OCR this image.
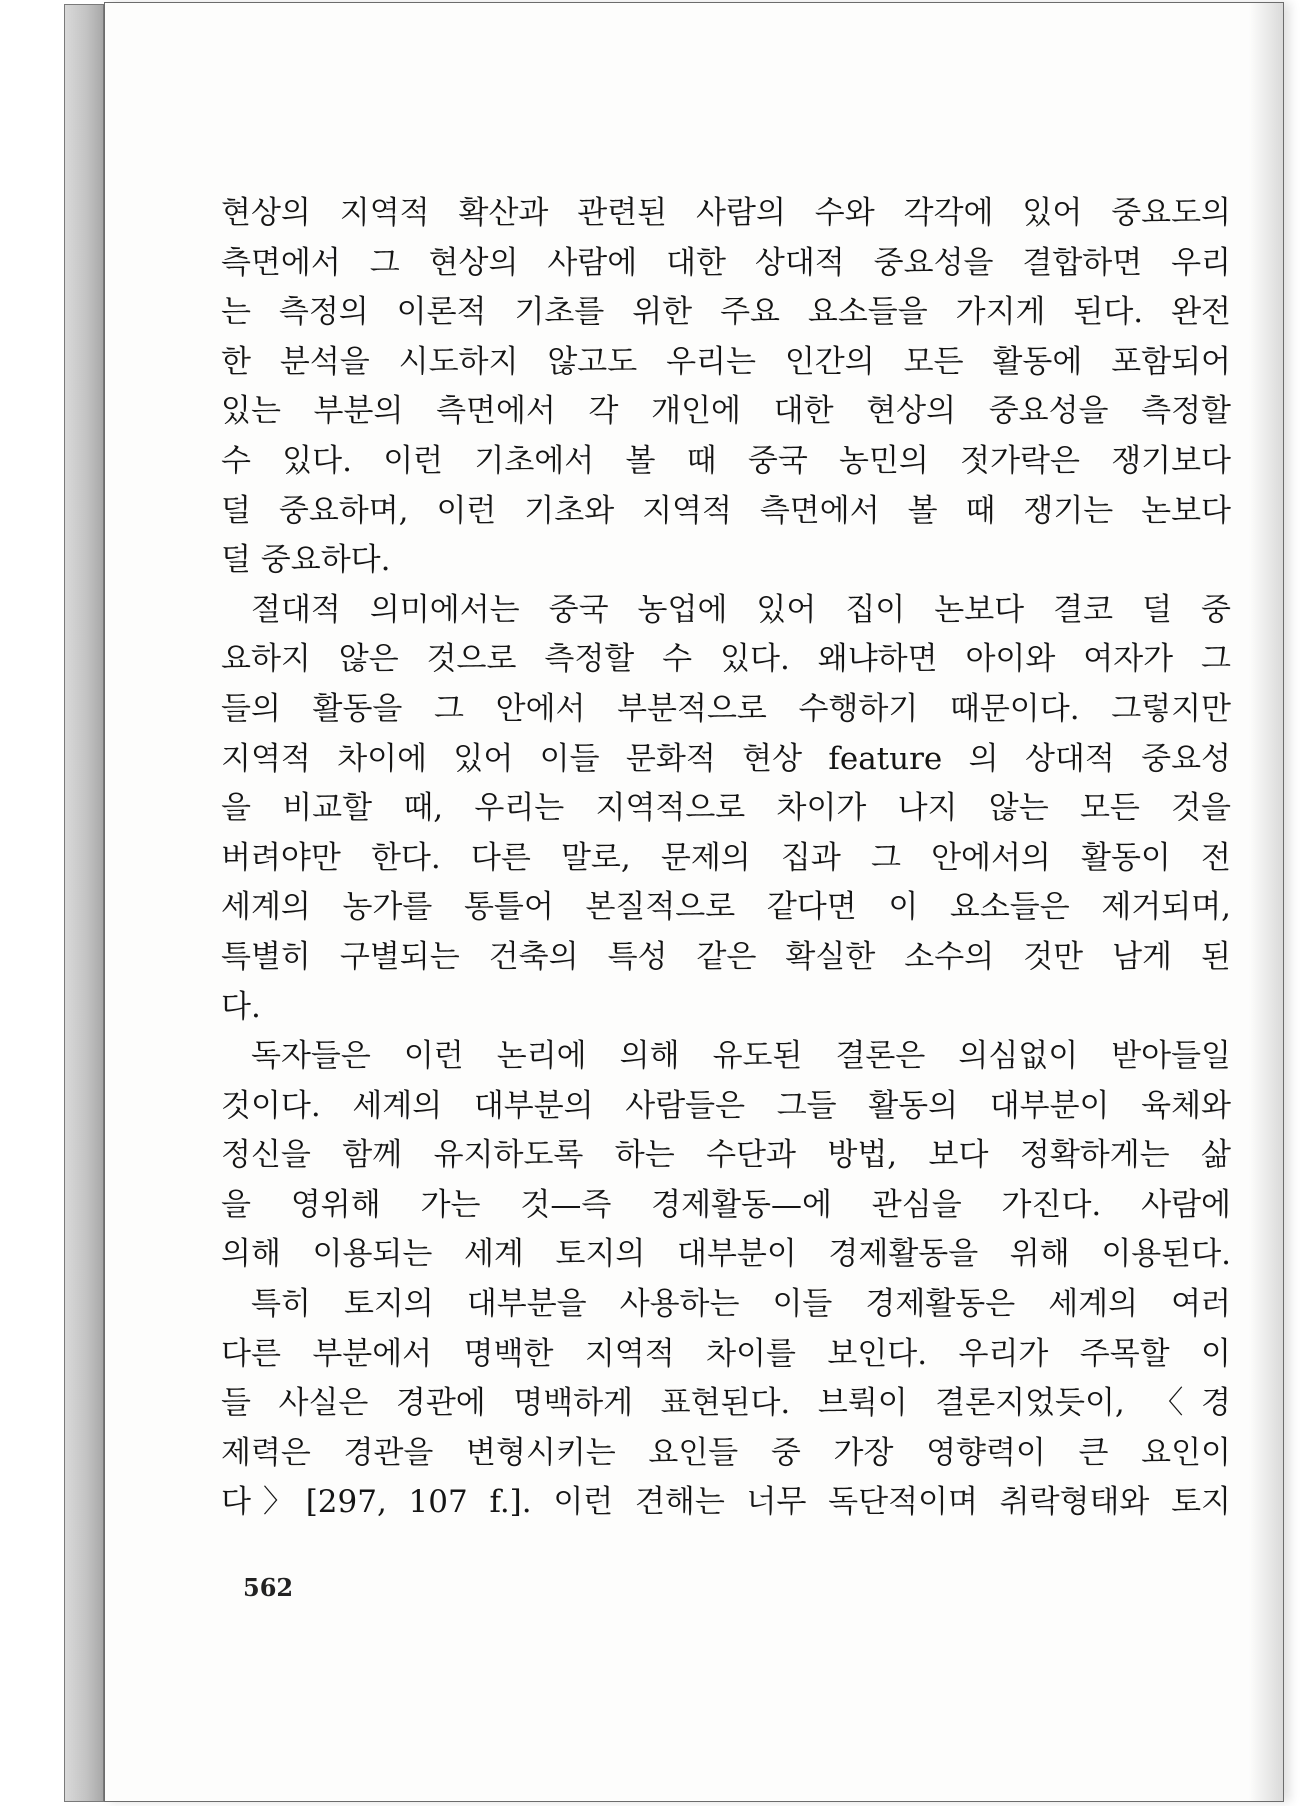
현상의 지역적 확산과 관련된 사람의 수와 각각에 있어 중요도의
측면에서 그 현상의 사람에 대한 상대적 중요성을 결합하면 우리
는 측정의 이론적 기초를 위한 주요 요소들을 가지게 된다. 완전
한 분석을 시도하지 않고도 우리는 인간의 모든 활동에 포함되어
있는 부분의 측면에서 각 개인에 대한 현상의 중요성을 측정할
수 있다. 이런 기초에서 볼 때 중국 농민의 젓가락은 쟁기보다
덜 중요하며, 이런 기초와 지역적 측면에서 볼 때 쟁기는 논보다
덜 중요하다.
절대적 의미에서는 중국 농업에 있어 집이 논보다 결코 덜 중
요하지 않은 것으로 측정할 수 있다. 왜냐하면 아이와 여자가 그
들의 활동을 그 안에서 부분적으로 수행하기 때문이다. 그렇지만
지역적 차이에 있어 이들 문화적 현상 feature 의 상대적 중요성
을 비교할 때, 우리는 지역적으로 차이가 나지 않는 모든 것을
버려야만 한다. 다른 말로, 문제의 집과 그 안에서의 활동이 전
세계의 농가를 통틀어 본질적으로 같다면 이 요소들은 제거되며,
특별히 구별되는 건축의 특성 같은 확실한 소수의 것만 남게 된
다.
독자들은 이런 논리에 의해 유도된 결론은 의심없이 받아들일
것이다. 세계의 대부분의 사람들은 그들 활동의 대부분이 육체와
정신을 함께 유지하도록 하는 수단과 방법, 보다 정확하게는 삶
을 영위해 가는 것—즉 경제활동—에 관심을 가진다. 사람에
의해 이용되는 세계 토지의 대부분이 경제활동을 위해 이용된다.
특히 토지의 대부분을 사용하는 이들 경제활동은 세계의 여러
다른 부분에서 명백한 지역적 차이를 보인다. 우리가 주목할 이
들 사실은 경관에 명백하게 표현된다. 브뤽이 결론지었듯이, 〈경
제력은 경관을 변형시키는 요인들 중 가장 영향력이 큰 요인이
다〉[297, 107 f.]. 이런 견해는 너무 독단적이며 취락형태와 토지
562
